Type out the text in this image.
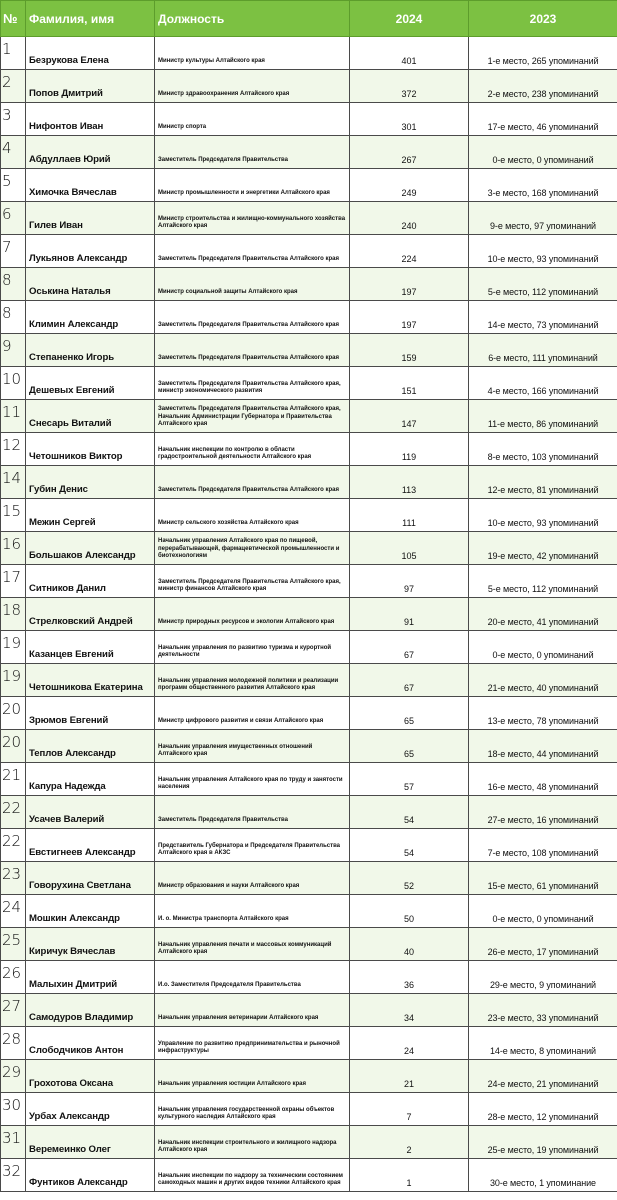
№	Фамилия, имя	Должность	2024	2023
1	Безрукова Елена	Министр культуры Алтайского края	401	1-е место, 265 упоминаний
2	Попов Дмитрий	Министр здравоохранения Алтайского края	372	2-е место, 238 упоминаний
3	Нифонтов Иван	Министр спорта	301	17-е место, 46 упоминаний
4	Абдуллаев Юрий	Заместитель Председателя Правительства	267	0-е место, 0 упоминаний
5	Химочка Вячеслав	Министр промышленности и энергетики Алтайского края	249	3-е место, 168 упоминаний
6	Гилев Иван	Министр строительства и жилищно-коммунального хозяйства Алтайского края	240	9-е место, 97 упоминаний
7	Лукьянов Александр	Заместитель Председателя Правительства Алтайского края	224	10-е место, 93 упоминаний
8	Оськина Наталья	Министр социальной защиты Алтайского края	197	5-е место, 112 упоминаний
8	Климин Александр	Заместитель Председателя Правительства Алтайского края	197	14-е место, 73 упоминаний
9	Степаненко Игорь	Заместитель Председателя Правительства Алтайского края	159	6-е место, 111 упоминаний
10	Дешевых Евгений	Заместитель Председателя Правительства Алтайского края, министр экономического развития	151	4-е место, 166 упоминаний
11	Снесарь Виталий	Заместитель Председателя Правительства Алтайского края, Начальник Администрации Губернатора и Правительства Алтайского края	147	11-е место, 86 упоминаний
12	Четошников Виктор	Начальник инспекции по контролю в области градостроительной деятельности Алтайского края	119	8-е место, 103 упоминаний
14	Губин Денис	Заместитель Председателя Правительства Алтайского края	113	12-е место, 81 упоминаний
15	Межин Сергей	Министр сельского хозяйства Алтайского края	111	10-е место, 93 упоминаний
16	Большаков Александр	Начальник управления Алтайского края по пищевой, перерабатывающей, фармацевтической промышленности и биотехнологиям	105	19-е место, 42 упоминаний
17	Ситников Данил	Заместитель Председателя Правительства Алтайского края, министр финансов Алтайского края	97	5-е место, 112 упоминаний
18	Стрелковский Андрей	Министр природных ресурсов и экологии Алтайского края	91	20-е место, 41 упоминаний
19	Казанцев Евгений	Начальник управления по развитию туризма и курортной деятельности	67	0-е место, 0 упоминаний
19	Четошникова Екатерина	Начальник управления молодежной политики и реализации программ общественного развития Алтайского края	67	21-е место, 40 упоминаний
20	Зрюмов Евгений	Министр цифрового развития и связи Алтайского края	65	13-е место, 78 упоминаний
20	Теплов Александр	Начальник управления имущественных отношений Алтайского края	65	18-е место, 44 упоминаний
21	Капура Надежда	Начальник управления Алтайского края по труду и занятости населения	57	16-е место, 48 упоминаний
22	Усачев Валерий	Заместитель Председателя Правительства	54	27-е место, 16 упоминаний
22	Евстигнеев Александр	Представитель Губернатора и Председателя Правительства Алтайского края в АКЗС	54	7-е место, 108 упоминаний
23	Говорухина Светлана	Министр образования и науки Алтайского края	52	15-е место, 61 упоминаний
24	Мошкин Александр	И. о. Министра транспорта Алтайского края	50	0-е место, 0 упоминаний
25	Киричук Вячеслав	Начальник управления печати и массовых коммуникаций Алтайского края	40	26-е место, 17 упоминаний
26	Малыхин Дмитрий	И.о. Заместителя Председателя Правительства	36	29-е место, 9 упоминаний
27	Самодуров Владимир	Начальник управления ветеринарии Алтайского края	34	23-е место, 33 упоминаний
28	Слободчиков Антон	Управление по развитию предпринимательства и рыночной инфраструктуры	24	14-е место, 8 упоминаний
29	Грохотова Оксана	Начальник управления юстиции Алтайского края	21	24-е место, 21 упоминаний
30	Урбах Александр	Начальник управления государственной охраны объектов культурного наследия Алтайского края	7	28-е место, 12 упоминаний
31	Веремеинко Олег	Начальник инспекции строительного и жилищного надзора Алтайского края	2	25-е место, 19 упоминаний
32	Фунтиков Александр	Начальник инспекции по надзору за техническим состоянием самоходных машин и других видов техники Алтайского края	1	30-е место, 1 упоминание
